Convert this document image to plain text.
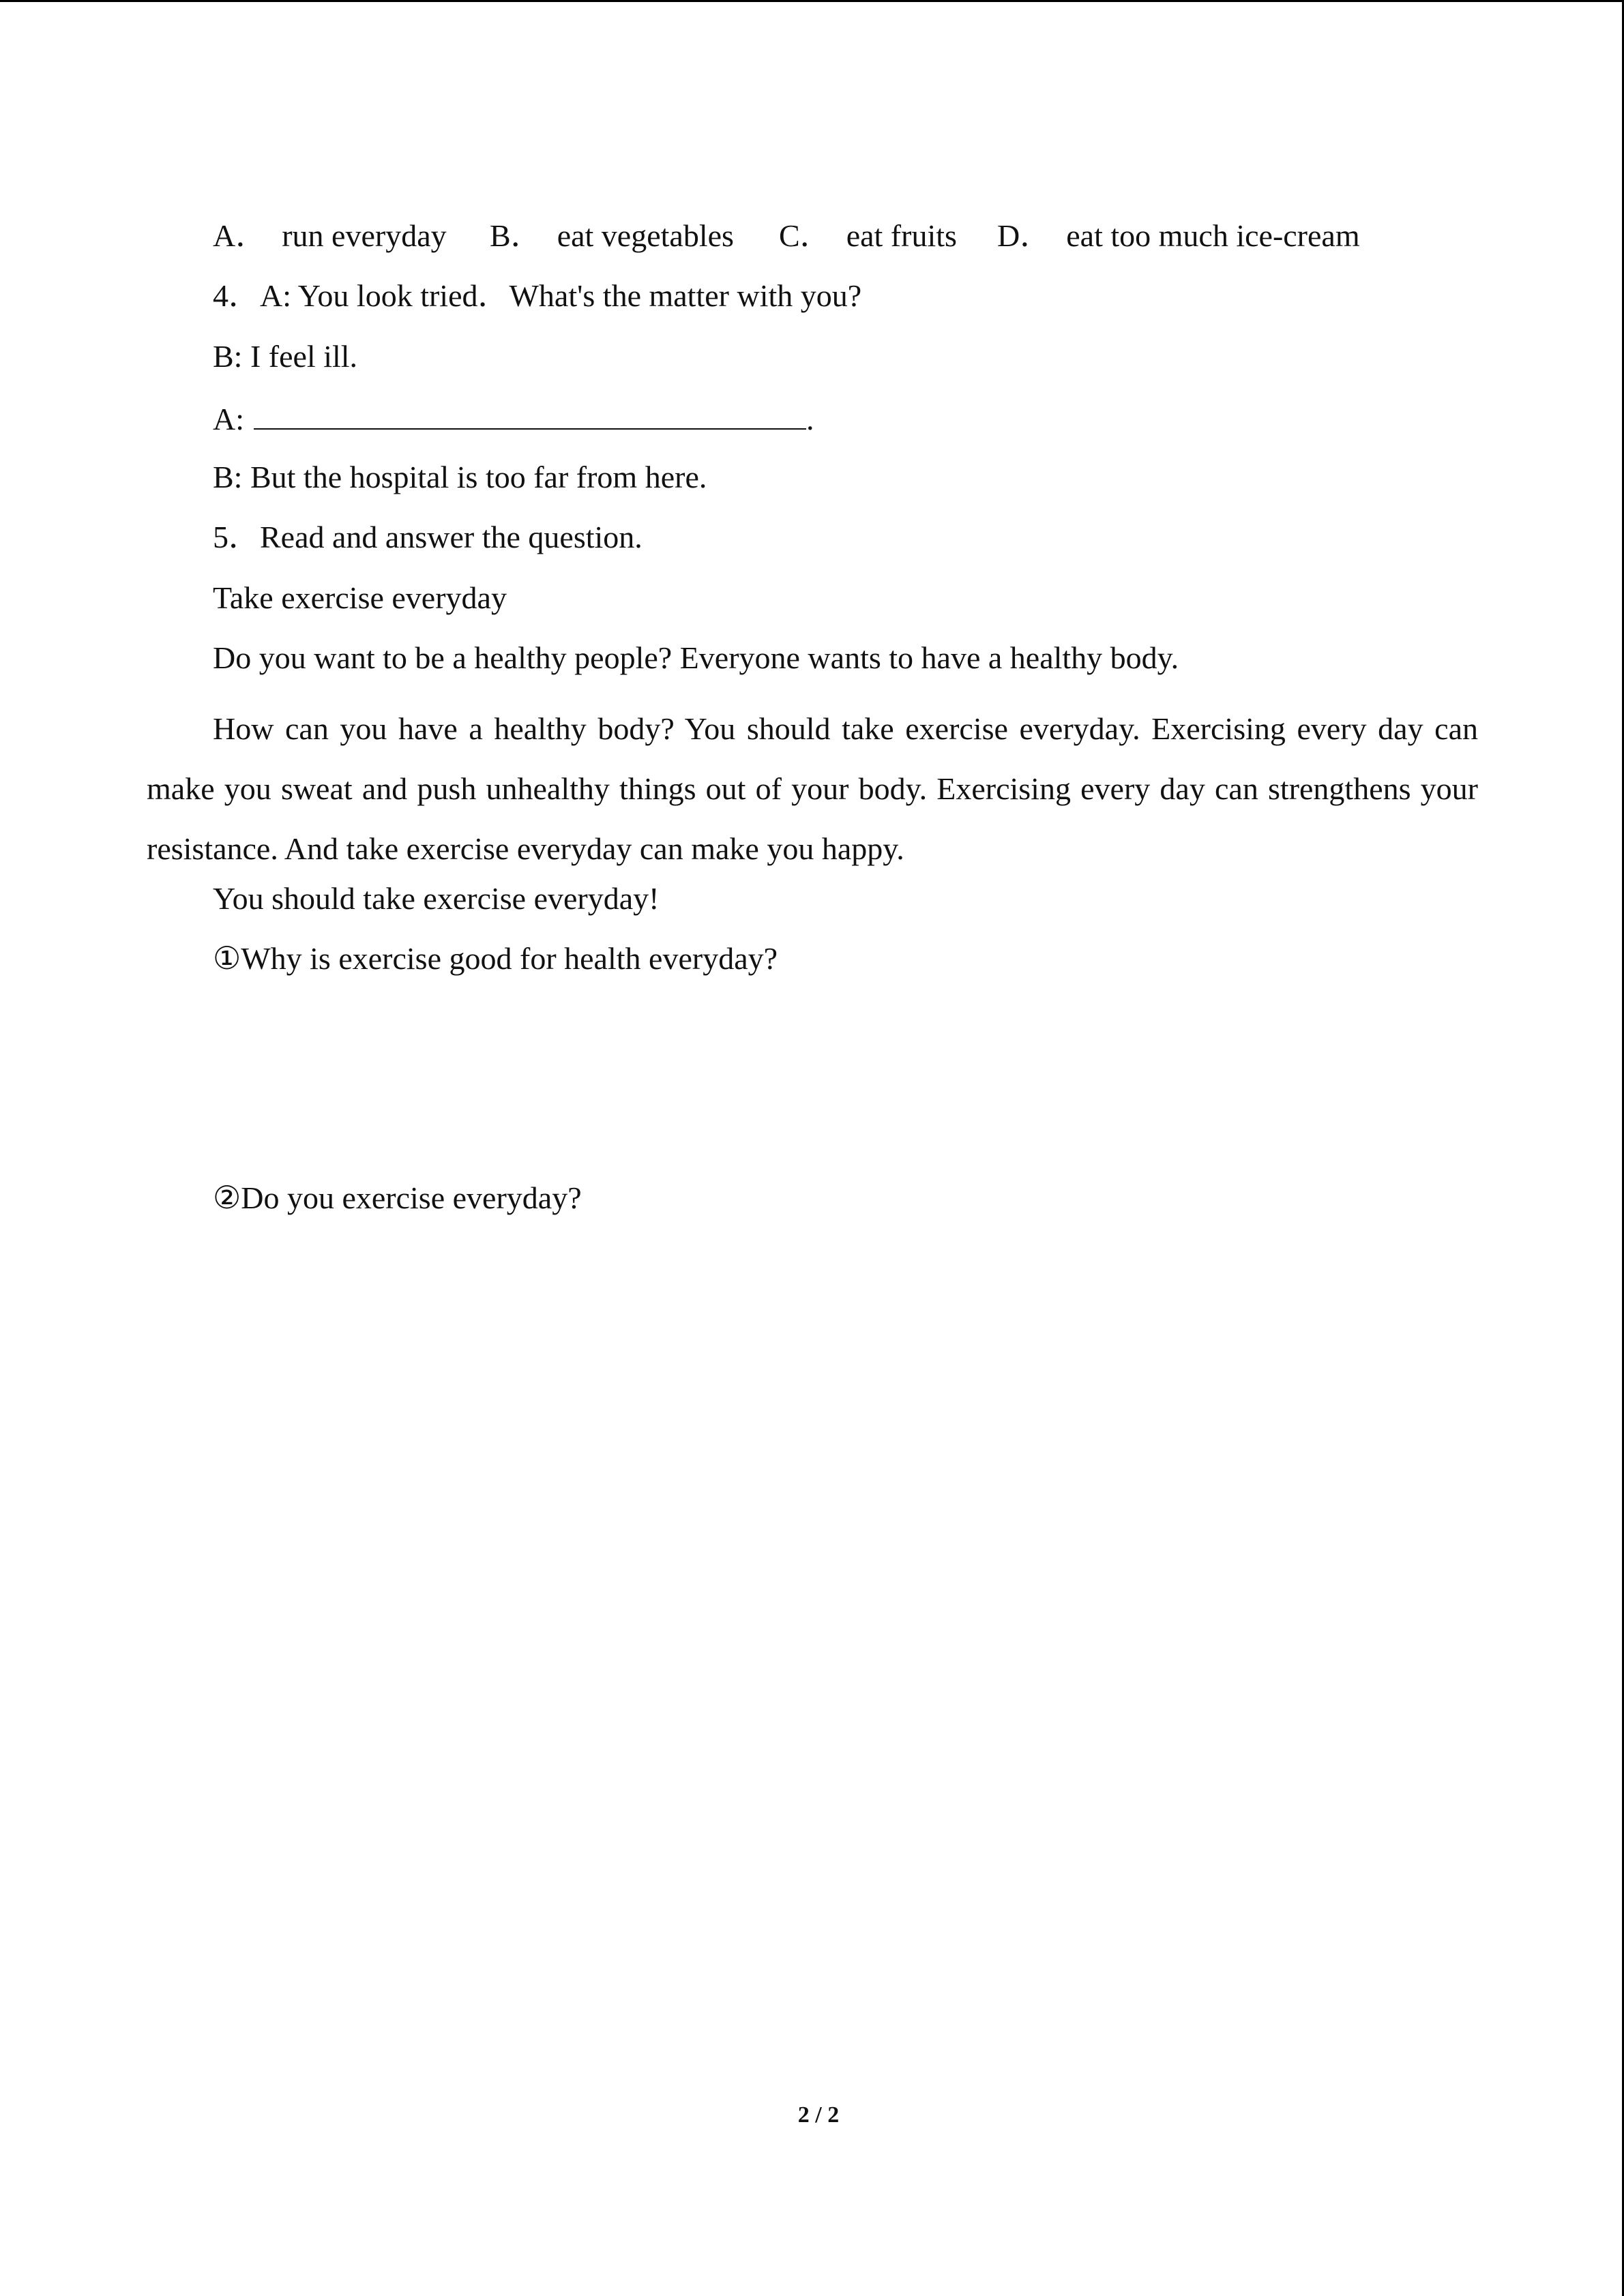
A． run everyday B． eat vegetables C． eat fruits D． eat too much ice-cream
4．A: You look tried．What's the matter with you?
B: I feel ill.
A:	.
B: But the hospital is too far from here.
5．Read and answer the question.
Take exercise everyday
Do you want to be a healthy people? Everyone wants to have a healthy body.
How can you have a healthy body? You should take exercise everyday. Exercising every day can make you sweat and push unhealthy things out of your body. Exercising every day can strengthens your resistance. And take exercise everyday can make you happy.
You should take exercise everyday!
①Why is exercise good for health everyday?
②Do you exercise everyday?
2 / 2
